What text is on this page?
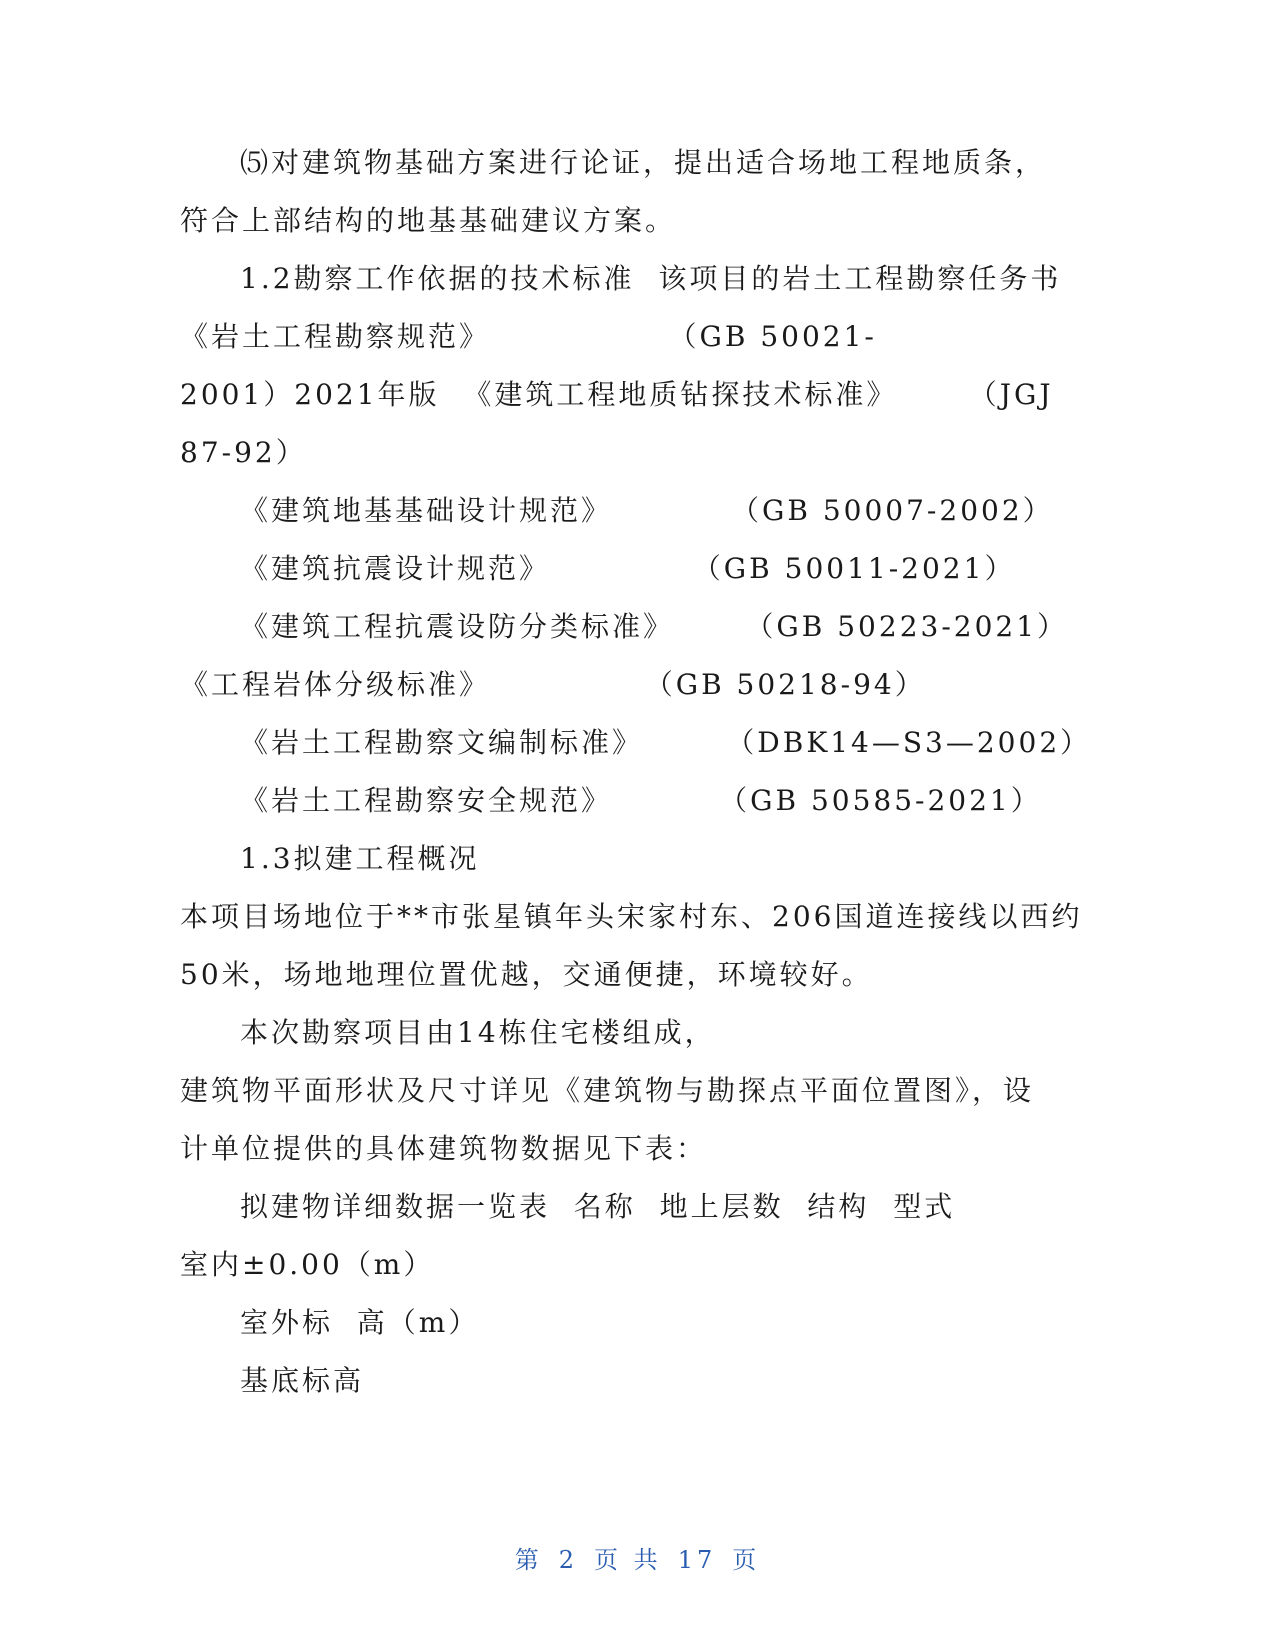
⑸对建筑物基础方案进行论证，提出适合场地工程地质条，
符合上部结构的地基基础建议方案。
1.2勘察工作依据的技术标准  该项目的岩土工程勘察任务书
《岩土工程勘察规范》               （GB 50021-
2001）2021年版  《建筑工程地质钻探技术标准》      （JGJ
87-92）
《建筑地基基础设计规范》          （GB 50007-2002）
《建筑抗震设计规范》            （GB 50011-2021）
《建筑工程抗震设防分类标准》      （GB 50223-2021）
《工程岩体分级标准》             （GB 50218-94）
《岩土工程勘察文编制标准》       （DBK14—S3—2002）
《岩土工程勘察安全规范》         （GB 50585-2021）
1.3拟建工程概况
本项目场地位于**市张星镇年头宋家村东、206国道连接线以西约
50米，场地地理位置优越，交通便捷，环境较好。
本次勘察项目由14栋住宅楼组成，
建筑物平面形状及尺寸详见《建筑物与勘探点平面位置图》，设
计单位提供的具体建筑物数据见下表：
拟建物详细数据一览表  名称  地上层数  结构  型式
室内±0.00（m）
室外标  高（m）
基底标高
第 2 页 共 17 页
